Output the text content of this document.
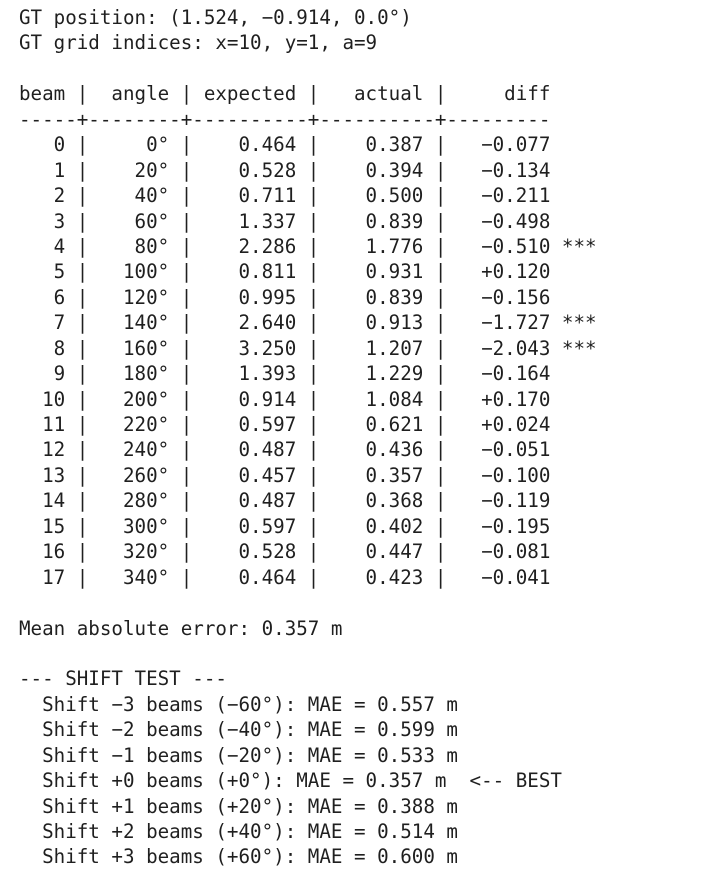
GT position: (1.524, −0.914, 0.0°)
GT grid indices: x=10, y=1, a=9
beam |  angle | expected |   actual |     diff
-----+--------+----------+----------+---------
0 |     0° |    0.464 |    0.387 |   −0.077
1 |    20° |    0.528 |    0.394 |   −0.134
2 |    40° |    0.711 |    0.500 |   −0.211
3 |    60° |    1.337 |    0.839 |   −0.498
4 |    80° |    2.286 |    1.776 |   −0.510 ***
5 |   100° |    0.811 |    0.931 |   +0.120
6 |   120° |    0.995 |    0.839 |   −0.156
7 |   140° |    2.640 |    0.913 |   −1.727 ***
8 |   160° |    3.250 |    1.207 |   −2.043 ***
9 |   180° |    1.393 |    1.229 |   −0.164
10 |   200° |    0.914 |    1.084 |   +0.170
11 |   220° |    0.597 |    0.621 |   +0.024
12 |   240° |    0.487 |    0.436 |   −0.051
13 |   260° |    0.457 |    0.357 |   −0.100
14 |   280° |    0.487 |    0.368 |   −0.119
15 |   300° |    0.597 |    0.402 |   −0.195
16 |   320° |    0.528 |    0.447 |   −0.081
17 |   340° |    0.464 |    0.423 |   −0.041
Mean absolute error: 0.357 m
--- SHIFT TEST ---
Shift −3 beams (−60°): MAE = 0.557 m
Shift −2 beams (−40°): MAE = 0.599 m
Shift −1 beams (−20°): MAE = 0.533 m
Shift +0 beams (+0°): MAE = 0.357 m  <-- BEST
Shift +1 beams (+20°): MAE = 0.388 m
Shift +2 beams (+40°): MAE = 0.514 m
Shift +3 beams (+60°): MAE = 0.600 m
